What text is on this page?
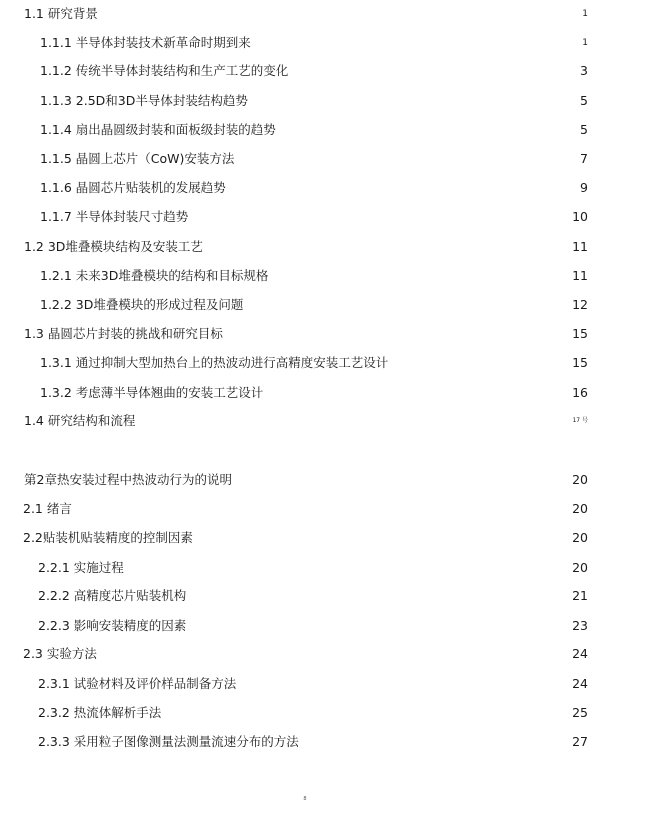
1.1 研究背景	1
1.1.1 半导体封装技术新革命时期到来	1
1.1.2 传统半导体封装结构和生产工艺的变化	3
1.1.3 2.5D和3D半导体封装结构趋势	5
1.1.4 扇出晶圆级封装和面板级封装的趋势	5
1.1.5 晶圆上芯片（CoW)安装方法	7
1.1.6 晶圆芯片贴装机的发展趋势	9
1.1.7 半导体封装尺寸趋势	10
1.2 3D堆叠模块结构及安装工艺	11
1.2.1 未来3D堆叠模块的结构和目标规格	11
1.2.2 3D堆叠模块的形成过程及问题	12
1.3 晶圆芯片封装的挑战和研究目标	15
1.3.1 通过抑制大型加热台上的热波动进行高精度安装工艺设计	15
1.3.2 考虑薄半导体翘曲的安装工艺设计	16
1.4 研究结构和流程	17 号
第2章热安装过程中热波动行为的说明	20
2.1 绪言	20
2.2贴装机贴装精度的控制因素	20
2.2.1 实施过程	20
2.2.2 高精度芯片贴装机构	21
2.2.3 影响安装精度的因素	23
2.3 实验方法	24
2.3.1 试验材料及评价样品制备方法	24
2.3.2 热流体解析手法	25
2.3.3 采用粒子图像测量法测量流速分布的方法	27
8
